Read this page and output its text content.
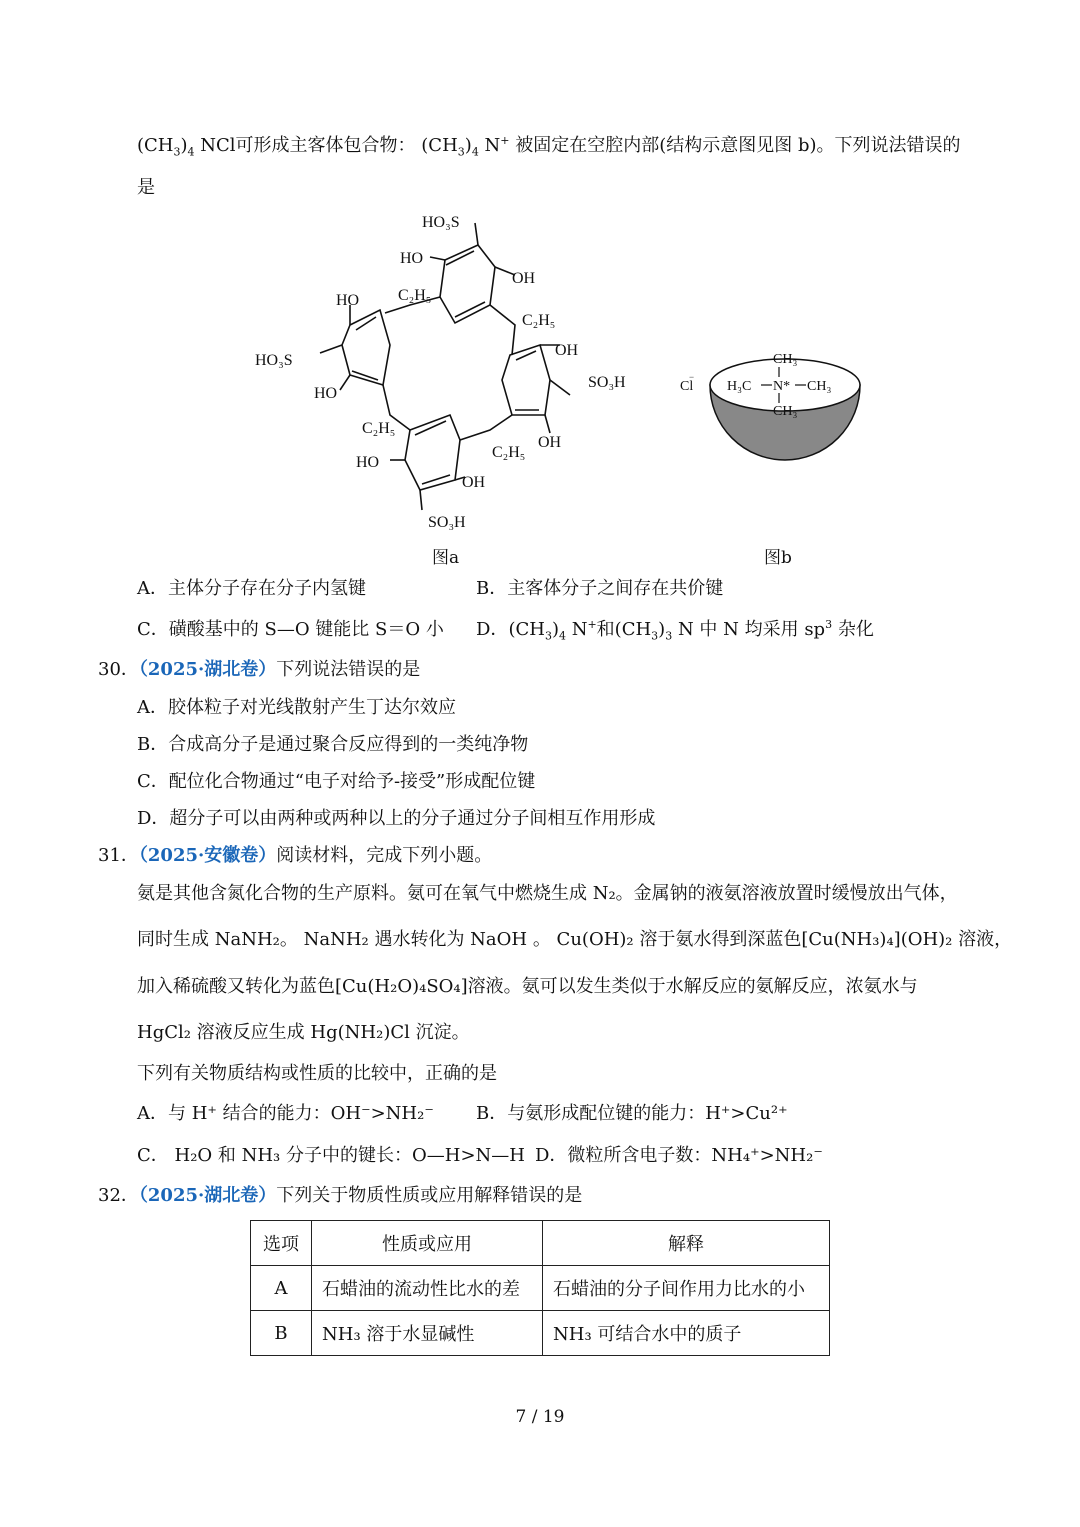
$(CH_3)_4$ NCl可形成主客体包合物： $(CH_3)_4$ N+ 被固定在空腔内部(结构示意图见图 b)。下列说法错误的
是
HO₃S
HO
OH
C₂H₅
HO
C₂H₅
HO₃S
HO
OH
SO₃H
C₂H₅
OH
C₂H₅
HO
OH
SO₃H
Cl
−
CH₃
H₃C N* CH₃
CH₃
图a	图b
A．主体分子存在分子内氢键	B．主客体分子之间存在共价键
C．磺酸基中的 S—O 键能比 S＝O 小 D．$(CH_3)_4$ N+和$(CH_3)_3$ N 中 N 均采用 $sp^3$ 杂化
30．（2025·湖北卷）下列说法错误的是
A．胶体粒子对光线散射产生丁达尔效应
B．合成高分子是通过聚合反应得到的一类纯净物
C．配位化合物通过“电子对给予-接受”形成配位键
D．超分子可以由两种或两种以上的分子通过分子间相互作用形成
31．（2025·安徽卷）阅读材料，完成下列小题。
氨是其他含氮化合物的生产原料。氨可在氧气中燃烧生成 N₂。金属钠的液氨溶液放置时缓慢放出气体，
同时生成 NaNH₂。 NaNH₂ 遇水转化为 NaOH 。 Cu(OH)₂ 溶于氨水得到深蓝色[Cu(NH₃)₄](OH)₂ 溶液，
加入稀硫酸又转化为蓝色[Cu(H₂O)₄SO₄]溶液。氨可以发生类似于水解反应的氨解反应，浓氨水与
HgCl₂ 溶液反应生成 Hg(NH₂)Cl 沉淀。
下列有关物质结构或性质的比较中，正确的是
A．与 H⁺ 结合的能力：OH⁻>NH₂⁻ B．与氨形成配位键的能力：H⁺>Cu²⁺
C． H₂O 和 NH₃ 分子中的键长：O—H>N—H D．微粒所含电子数：NH₄⁺>NH₂⁻
32．（2025·湖北卷）下列关于物质性质或应用解释错误的是
选项	性质或应用	解释
A	石蜡油的流动性比水的差	石蜡油的分子间作用力比水的小
B	NH₃ 溶于水显碱性	NH₃ 可结合水中的质子
7 / 19
